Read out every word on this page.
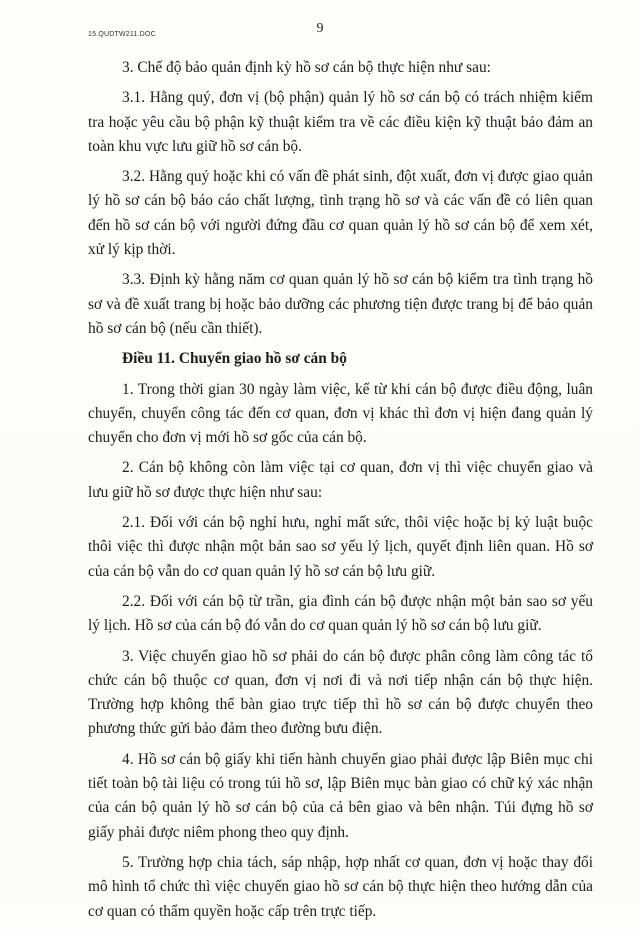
15.QUDTW211.DOC	9

3. Chế độ bảo quản định kỳ hồ sơ cán bộ thực hiện như sau:

3.1. Hằng quý, đơn vị (bộ phận) quản lý hồ sơ cán bộ có trách nhiệm kiểm tra hoặc yêu cầu bộ phận kỹ thuật kiểm tra về các điều kiện kỹ thuật bảo đảm an toàn khu vực lưu giữ hồ sơ cán bộ.

3.2. Hằng quý hoặc khi có vấn đề phát sinh, đột xuất, đơn vị được giao quản lý hồ sơ cán bộ báo cáo chất lượng, tình trạng hồ sơ và các vấn đề có liên quan đến hồ sơ cán bộ với người đứng đầu cơ quan quản lý hồ sơ cán bộ để xem xét, xử lý kịp thời.

3.3. Định kỳ hằng năm cơ quan quản lý hồ sơ cán bộ kiểm tra tình trạng hồ sơ và đề xuất trang bị hoặc bảo dưỡng các phương tiện được trang bị để bảo quản hồ sơ cán bộ (nếu cần thiết).

Điều 11. Chuyển giao hồ sơ cán bộ

1. Trong thời gian 30 ngày làm việc, kể từ khi cán bộ được điều động, luân chuyển, chuyển công tác đến cơ quan, đơn vị khác thì đơn vị hiện đang quản lý chuyển cho đơn vị mới hồ sơ gốc của cán bộ.

2. Cán bộ không còn làm việc tại cơ quan, đơn vị thì việc chuyển giao và lưu giữ hồ sơ được thực hiện như sau:

2.1. Đối với cán bộ nghỉ hưu, nghỉ mất sức, thôi việc hoặc bị kỷ luật buộc thôi việc thì được nhận một bản sao sơ yếu lý lịch, quyết định liên quan. Hồ sơ của cán bộ vẫn do cơ quan quản lý hồ sơ cán bộ lưu giữ.

2.2. Đối với cán bộ từ trần, gia đình cán bộ được nhận một bản sao sơ yếu lý lịch. Hồ sơ của cán bộ đó vẫn do cơ quan quản lý hồ sơ cán bộ lưu giữ.

3. Việc chuyển giao hồ sơ phải do cán bộ được phân công làm công tác tổ chức cán bộ thuộc cơ quan, đơn vị nơi đi và nơi tiếp nhận cán bộ thực hiện. Trường hợp không thể bàn giao trực tiếp thì hồ sơ cán bộ được chuyển theo phương thức gửi bảo đảm theo đường bưu điện.

4. Hồ sơ cán bộ giấy khi tiến hành chuyển giao phải được lập Biên mục chi tiết toàn bộ tài liệu có trong túi hồ sơ, lập Biên mục bàn giao có chữ ký xác nhận của cán bộ quản lý hồ sơ cán bộ của cả bên giao và bên nhận. Túi đựng hồ sơ giấy phải được niêm phong theo quy định.

5. Trường hợp chia tách, sáp nhập, hợp nhất cơ quan, đơn vị hoặc thay đổi mô hình tổ chức thì việc chuyển giao hồ sơ cán bộ thực hiện theo hướng dẫn của cơ quan có thẩm quyền hoặc cấp trên trực tiếp.
